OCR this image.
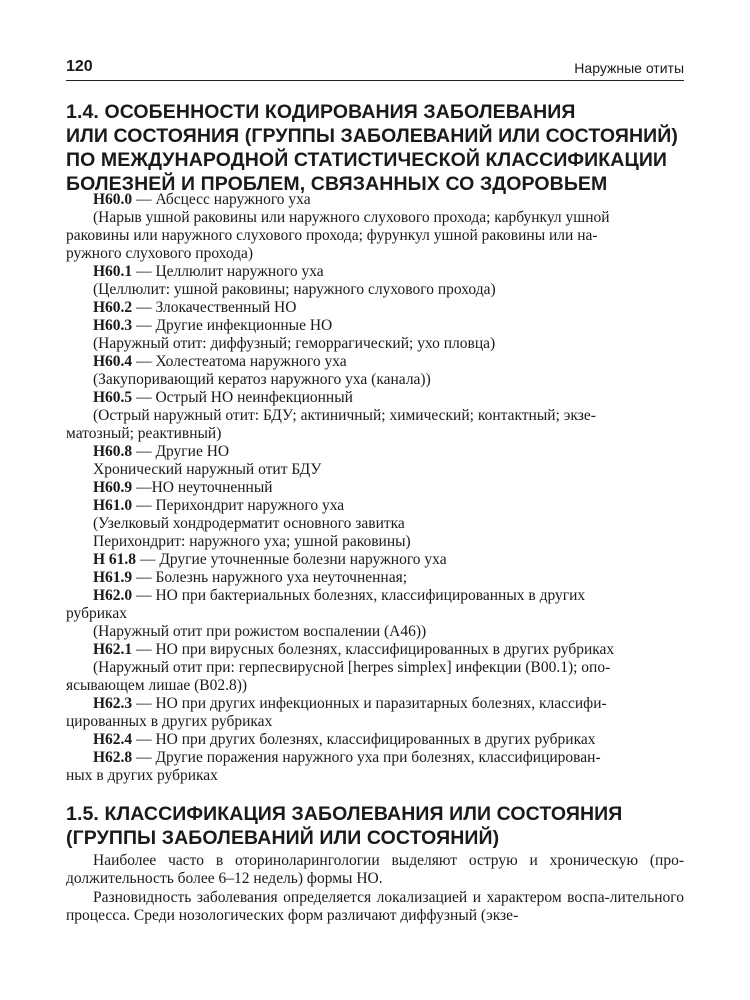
120	Наружные отиты
1.4. ОСОБЕННОСТИ КОДИРОВАНИЯ ЗАБОЛЕВАНИЯ
ИЛИ СОСТОЯНИЯ (ГРУППЫ ЗАБОЛЕВАНИЙ ИЛИ СОСТОЯНИЙ)
ПО МЕЖДУНАРОДНОЙ СТАТИСТИЧЕСКОЙ КЛАССИФИКАЦИИ
БОЛЕЗНЕЙ И ПРОБЛЕМ, СВЯЗАННЫХ СО ЗДОРОВЬЕМ

H60.0 — Абсцесс наружного уха

(Нарыв ушной раковины или наружного слухового прохода; карбункул ушной

раковины или наружного слухового прохода; фурункул ушной раковины или на-

ружного слухового прохода)

H60.1 — Целлюлит наружного уха

(Целлюлит: ушной раковины; наружного слухового прохода)

H60.2 — Злокачественный НО

H60.3 — Другие инфекционные НО

(Наружный отит: диффузный; геморрагический; ухо пловца)

H60.4 — Холестеатома наружного уха

(Закупоривающий кератоз наружного уха (канала))

H60.5 — Острый НО неинфекционный

(Острый наружный отит: БДУ; актиничный; химический; контактный; экзе-

матозный; реактивный)

H60.8 — Другие НО

Хронический наружный отит БДУ

H60.9 —НО неуточненный

H61.0 — Перихондрит наружного уха

(Узелковый хондродерматит основного завитка

Перихондрит: наружного уха; ушной раковины)

H 61.8 — Другие уточненные болезни наружного уха

H61.9 — Болезнь наружного уха неуточненная;

H62.0 — НО при бактериальных болезнях, классифицированных в других

рубриках

(Наружный отит при рожистом воспалении (A46))

H62.1 — НО при вирусных болезнях, классифицированных в других рубриках

(Наружный отит при: герпесвирусной [herpes simplex] инфекции (B00.1); опо-

ясывающем лишае (B02.8))

H62.3 — НО при других инфекционных и паразитарных болезнях, классифи-

цированных в других рубриках

H62.4 — НО при других болезнях, классифицированных в других рубриках

H62.8 — Другие поражения наружного уха при болезнях, классифицирован-

ных в других рубриках

1.5. КЛАССИФИКАЦИЯ ЗАБОЛЕВАНИЯ ИЛИ СОСТОЯНИЯ
(ГРУППЫ ЗАБОЛЕВАНИЙ ИЛИ СОСТОЯНИЙ)

Наиболее часто в оториноларингологии выделяют острую и хроническую (про-должительность более 6–12 недель) формы НО.

Разновидность заболевания определяется локализацией и характером воспа-лительного процесса. Среди нозологических форм различают диффузный (экзе-
